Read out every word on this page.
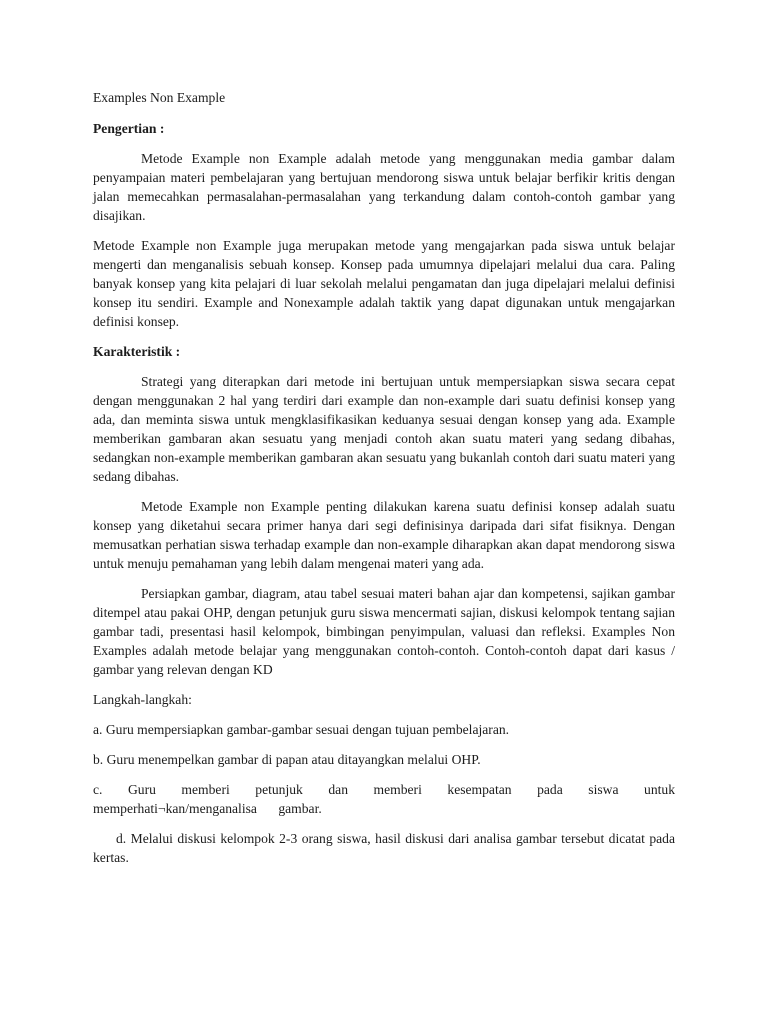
Examples Non Example

Pengertian :

Metode Example non Example adalah metode yang menggunakan media gambar dalam penyampaian materi pembelajaran yang bertujuan mendorong siswa untuk belajar berfikir kritis dengan jalan memecahkan permasalahan-permasalahan yang terkandung dalam contoh-contoh gambar yang disajikan.

Metode Example non Example juga merupakan metode yang mengajarkan pada siswa untuk belajar mengerti dan menganalisis sebuah konsep. Konsep pada umumnya dipelajari melalui dua cara. Paling banyak konsep yang kita pelajari di luar sekolah melalui pengamatan dan juga dipelajari melalui definisi konsep itu sendiri. Example and Nonexample adalah taktik yang dapat digunakan untuk mengajarkan definisi konsep.

Karakteristik :

Strategi yang diterapkan dari metode ini bertujuan untuk mempersiapkan siswa secara cepat dengan menggunakan 2 hal yang terdiri dari example dan non-example dari suatu definisi konsep yang ada, dan meminta siswa untuk mengklasifikasikan keduanya sesuai dengan konsep yang ada. Example memberikan gambaran akan sesuatu yang menjadi contoh akan suatu materi yang sedang dibahas, sedangkan non-example memberikan gambaran akan sesuatu yang bukanlah contoh dari suatu materi yang sedang dibahas.

Metode Example non Example penting dilakukan karena suatu definisi konsep adalah suatu konsep yang diketahui secara primer hanya dari segi definisinya daripada dari sifat fisiknya. Dengan memusatkan perhatian siswa terhadap example dan non-example diharapkan akan dapat mendorong siswa untuk menuju pemahaman yang lebih dalam mengenai materi yang ada.

Persiapkan gambar, diagram, atau tabel sesuai materi bahan ajar dan kompetensi, sajikan gambar ditempel atau pakai OHP, dengan petunjuk guru siswa mencermati sajian, diskusi kelompok tentang sajian gambar tadi, presentasi hasil kelompok, bimbingan penyimpulan, valuasi dan refleksi. Examples Non Examples adalah metode belajar yang menggunakan contoh-contoh. Contoh-contoh dapat dari kasus / gambar yang relevan dengan KD

Langkah-langkah:

a. Guru mempersiapkan gambar-gambar sesuai dengan tujuan pembelajaran.

b. Guru menempelkan gambar di papan atau ditayangkan melalui OHP.

c. Guru memberi petunjuk dan memberi kesempatan pada siswa untuk memperhati¬kan/menganalisa gambar.

d. Melalui diskusi kelompok 2-3 orang siswa, hasil diskusi dari analisa gambar tersebut dicatat pada kertas.
